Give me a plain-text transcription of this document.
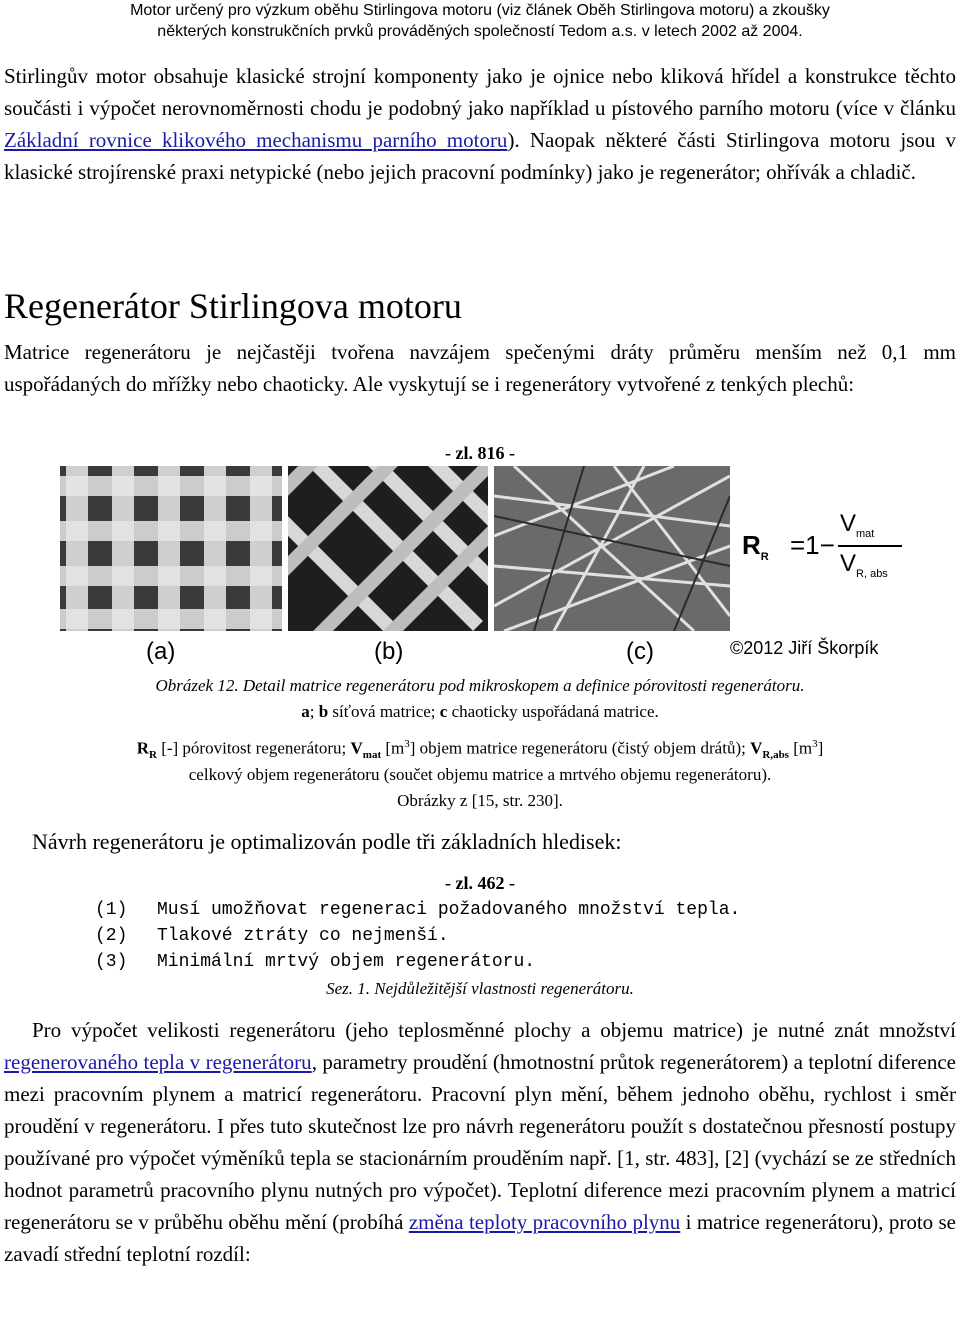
Motor určený pro výzkum oběhu Stirlingova motoru (viz článek Oběh Stirlingova motoru) a zkoušky
některých konstrukčních prvků prováděných společností Tedom a.s. v letech 2002 až 2004.
Stirlingův motor obsahuje klasické strojní komponenty jako je ojnice nebo kliková hřídel a konstrukce těchto součásti i výpočet nerovnoměrnosti chodu je podobný jako například u pístového parního motoru (více v článku Základní rovnice klikového mechanismu parního motoru). Naopak některé části Stirlingova motoru jsou v klasické strojírenské praxi netypické (nebo jejich pracovní podmínky) jako je regenerátor; ohřívák a chladič.
Regenerátor Stirlingova motoru
Matrice regenerátoru je nejčastěji tvořena navzájem spečenými dráty průměru menším než 0,1 mm uspořádaných do mřížky nebo chaoticky. Ale vyskytují se i regenerátory vytvořené z tenkých plechů:
- zl. 816 -
$R_R =1-$
$V_{mat}$
$V_{R, abs}$
(a)	(b)	(c)	©2012 Jiří Škorpík
Obrázek 12. Detail matrice regenerátoru pod mikroskopem a definice pórovitosti regenerátoru.
a; b síťová matrice; c chaoticky uspořádaná matrice.
$R_R$ [-] pórovitost regenerátoru; $V_{mat}$ $[m^3]$ objem matrice regenerátoru (čistý objem drátů); $V_{R,abs}$ $[m^3]$
celkový objem regenerátoru (součet objemu matrice a mrtvého objemu regenerátoru).
Obrázky z [15, str. 230].
Návrh regenerátoru je optimalizován podle tři základních hledisek:
- zl. 462 -
(1) Musí umožňovat regeneraci požadovaného množství tepla.
(2) Tlakové ztráty co nejmenší.
(3) Minimální mrtvý objem regenerátoru.
Sez. 1. Nejdůležitější vlastnosti regenerátoru.
Pro výpočet velikosti regenerátoru (jeho teplosměnné plochy a objemu matrice) je nutné znát množství regenerovaného tepla v regenerátoru, parametry proudění (hmotnostní průtok regenerátorem) a teplotní diference mezi pracovním plynem a matricí regenerátoru. Pracovní plyn mění, během jednoho oběhu, rychlost i směr proudění v regenerátoru. I přes tuto skutečnost lze pro návrh regenerátoru použít s dostatečnou přesností postupy používané pro výpočet výměníků tepla se stacionárním prouděním např. [1, str. 483], [2] (vychází se ze středních hodnot parametrů pracovního plynu nutných pro výpočet). Teplotní diference mezi pracovním plynem a matricí regenerátoru se v průběhu oběhu mění (probíhá změna teploty pracovního plynu i matrice regenerátoru), proto se zavadí střední teplotní rozdíl:
